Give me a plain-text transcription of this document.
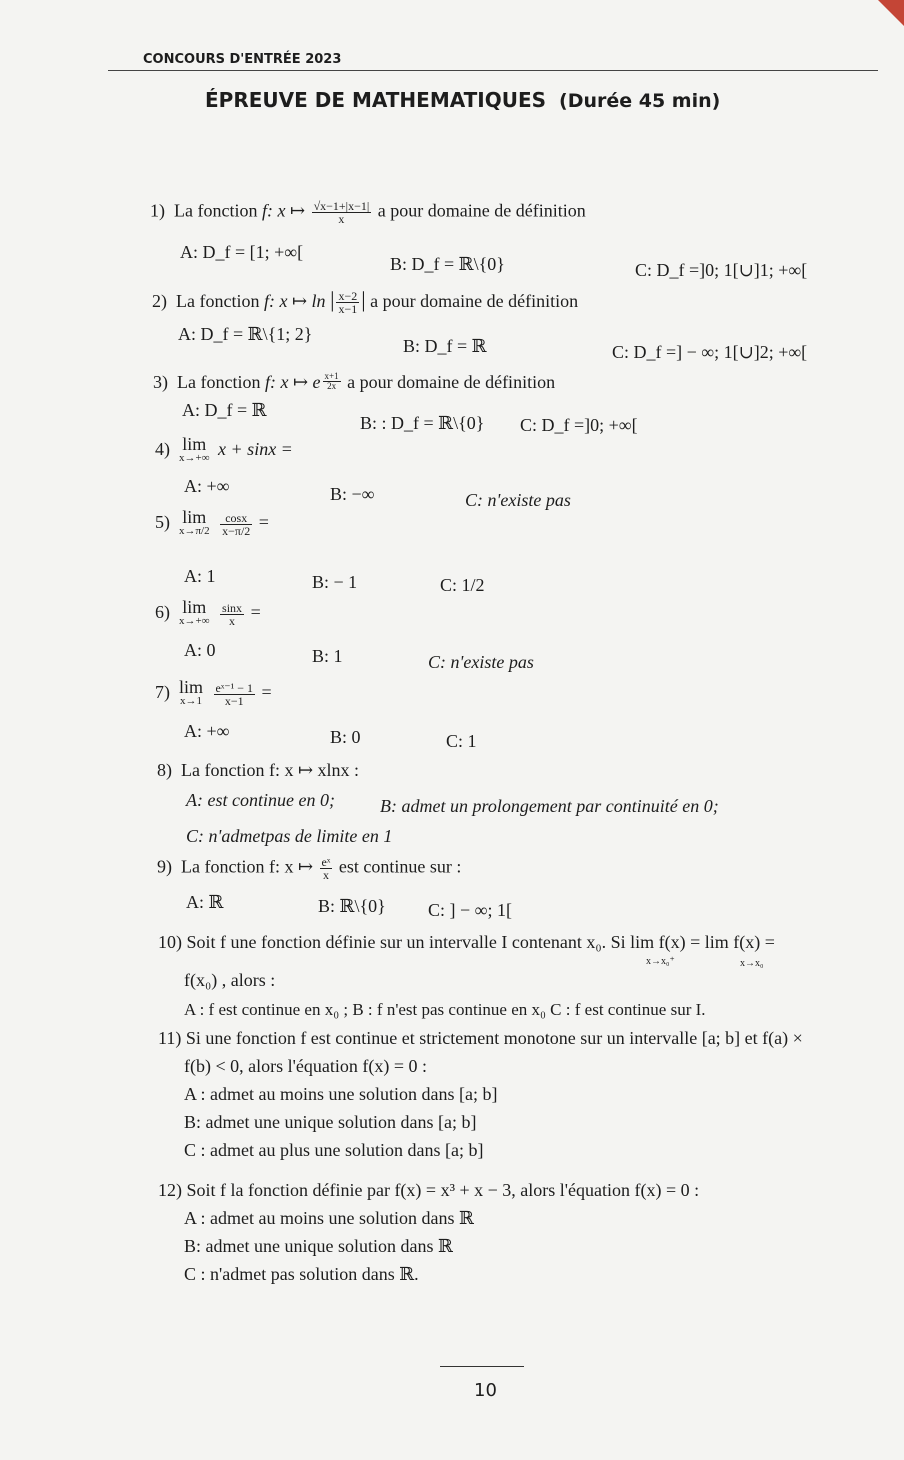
CONCOURS D'ENTRÉE 2023
ÉPREUVE DE MATHEMATIQUES (Durée 45 min)
1) La fonction f: x ↦ $\frac{√x-1+|x-1|}{x}$ a pour domaine de définition
A: D_f = [1; +∞[
B: D_f = ℝ\{0}	C: D_f =]0; 1[∪]1; +∞[
2) La fonction f: x ↦ ln | $\frac{x-2}{x-1}$ | a pour domaine de définition
A: D_f = ℝ\{1; 2}
B: D_f = ℝ	C: D_f =] − ∞; 1[∪]2; +∞[
3) La fonction f: x ↦ e $\frac{x+1}{2x}$ a pour domaine de définition
A: D_f = ℝ
B: : D_f = ℝ\{0} C: D_f =]0; +∞[
4) lim
x→+∞ x + sinx =
A: +∞	B: −∞	C: n'existe pas
5) lim
x→π/2
$\frac{\cos x}{x-\pi/2}$ =
A: 1	B: − 1	C: 1/2
6) lim
x→+∞
$\frac{\sin x}{x}$ =
A: 0	B: 1	C: n'existe pas
7) lim
x→1
$\frac{\text{eˣ⁻¹ − 1}}{x-1}$ =
A: +∞	B: 0	C: 1
8) La fonction f: x ↦ xlnx :
A: est continue en 0;	B: admet un prolongement par continuité en 0;
C: n'admetpas de limite en 1
9) La fonction f: x ↦ $\frac{\text{eˣ}}{x}$ est continue sur :
A: ℝ	B: ℝ\{0} C: ] − ∞; 1[
10) Soit f une fonction définie sur un intervalle I contenant x₀. Si lim f(x) = lim f(x) =
x→x₀⁺	x→x₀
f(x₀) , alors :
A : f est continue en x₀ ; B : f n'est pas continue en x₀ C : f est continue sur I.
11) Si une fonction f est continue et strictement monotone sur un intervalle [a; b] et f(a) ×
f(b) < 0, alors l'équation f(x) = 0 :
A : admet au moins une solution dans [a; b]
B: admet une unique solution dans [a; b]
C : admet au plus une solution dans [a; b]
12) Soit f la fonction définie par f(x) = x³ + x − 3, alors l'équation f(x) = 0 :
A : admet au moins une solution dans ℝ
B: admet une unique solution dans ℝ
C : n'admet pas solution dans ℝ.
10
